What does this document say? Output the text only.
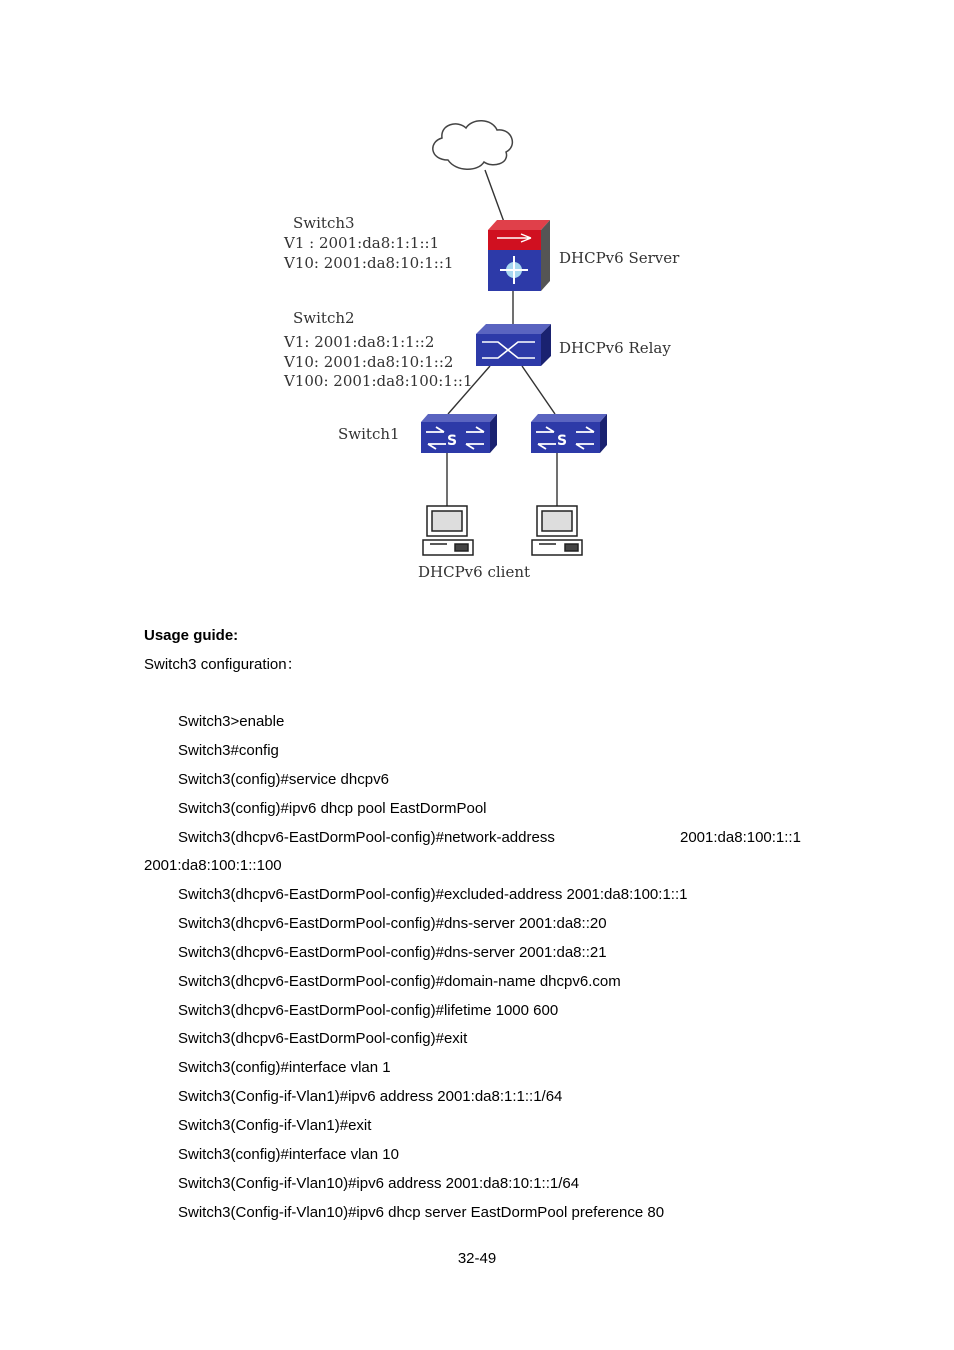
S	S
Switch3
V1 : 2001:da8:1:1::1
V10: 2001:da8:10:1::1	DHCPv6 Server
Switch2
V1: 2001:da8:1:1::2
V10: 2001:da8:10:1::2
V100: 2001:da8:100:1::1
DHCPv6 Relay
Switch1
DHCPv6 client
Usage guide:
Switch3 configuration：
Switch3>enable
Switch3#config
Switch3(config)#service dhcpv6
Switch3(config)#ipv6 dhcp pool EastDormPool
Switch3(dhcpv6-EastDormPool-config)#network-address	2001:da8:100:1::1
2001:da8:100:1::100
Switch3(dhcpv6-EastDormPool-config)#excluded-address 2001:da8:100:1::1
Switch3(dhcpv6-EastDormPool-config)#dns-server 2001:da8::20
Switch3(dhcpv6-EastDormPool-config)#dns-server 2001:da8::21
Switch3(dhcpv6-EastDormPool-config)#domain-name dhcpv6.com
Switch3(dhcpv6-EastDormPool-config)#lifetime 1000 600
Switch3(dhcpv6-EastDormPool-config)#exit
Switch3(config)#interface vlan 1
Switch3(Config-if-Vlan1)#ipv6 address 2001:da8:1:1::1/64
Switch3(Config-if-Vlan1)#exit
Switch3(config)#interface vlan 10
Switch3(Config-if-Vlan10)#ipv6 address 2001:da8:10:1::1/64
Switch3(Config-if-Vlan10)#ipv6 dhcp server EastDormPool preference 80
32-49
